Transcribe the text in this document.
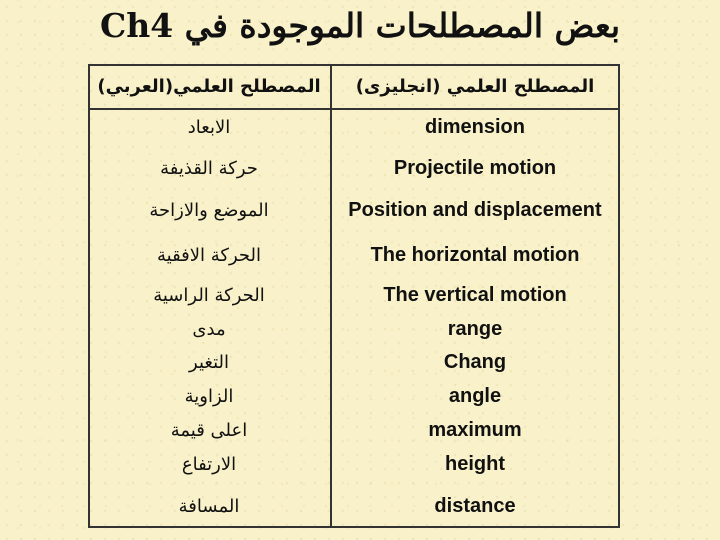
بعض المصطلحات الموجودة في Ch4
المصطلح العلمي(العربي)	المصطلح العلمي (انجليزى)
الابعاد	dimension
حركة القذيفة	Projectile motion
الموضع والازاحة	Position and displacement
الحركة الافقية	The horizontal motion
الحركة الراسية	The vertical motion
مدى	range
التغير	Chang
الزاوية	angle
اعلى قيمة	maximum
الارتفاع	height
المسافة	distance
